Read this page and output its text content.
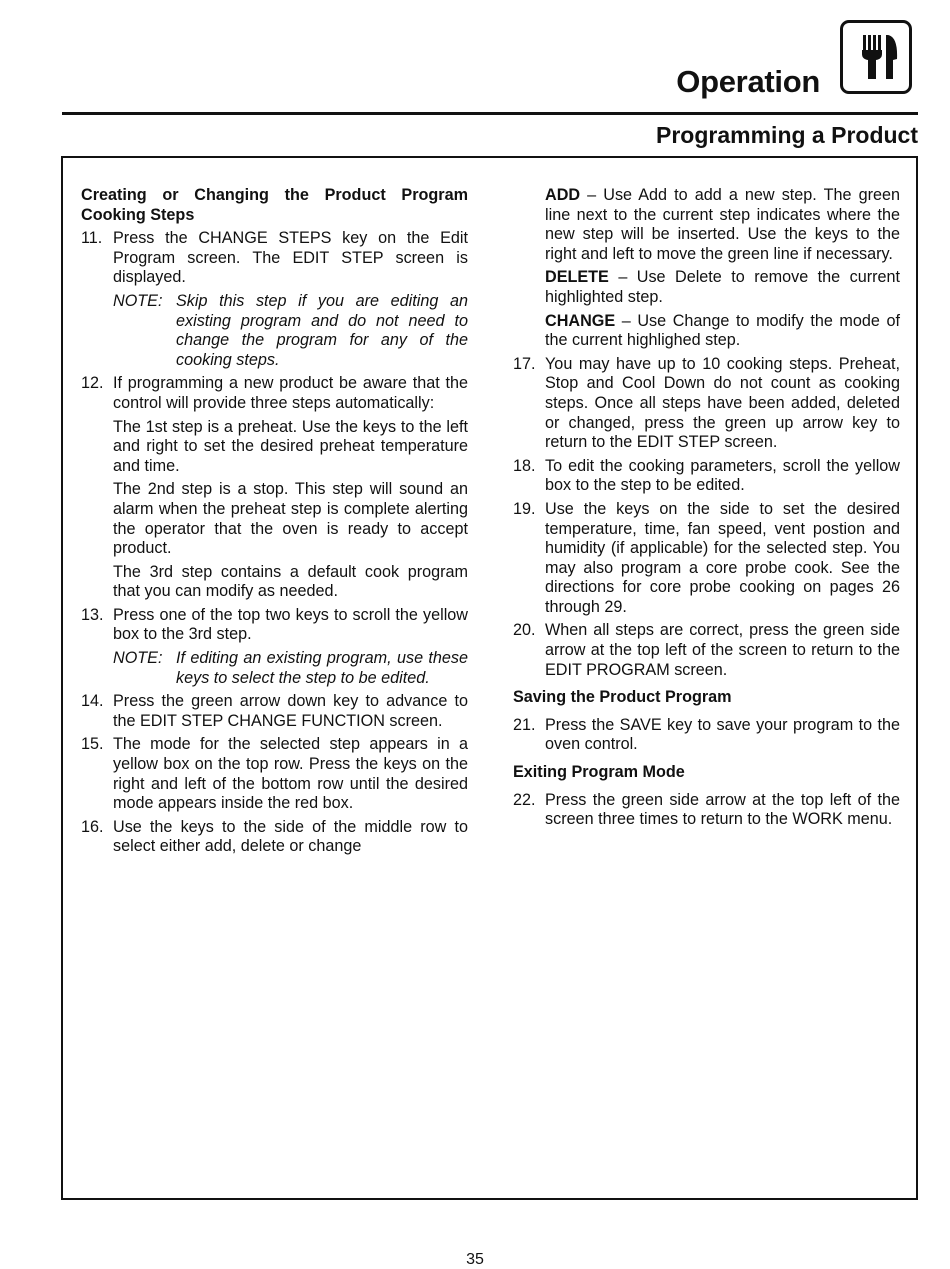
Operation
Programming a Product
Creating or Changing the Product Program Cooking Steps
11. Press the CHANGE STEPS key on the Edit Program screen. The EDIT STEP screen is displayed.
NOTE: Skip this step if you are editing an existing program and do not need to change the program for any of the cooking steps.
12. If programming a new product be aware that the control will provide three steps automatically:
The 1st step is a preheat. Use the keys to the left and right to set the desired preheat temperature and time.
The 2nd step is a stop. This step will sound an alarm when the preheat step is complete alerting the operator that the oven is ready to accept product.
The 3rd step contains a default cook program that you can modify as needed.
13. Press one of the top two keys to scroll the yellow box to the 3rd step.
NOTE: If editing an existing program, use these keys to select the step to be edited.
14. Press the green arrow down key to advance to the EDIT STEP CHANGE FUNCTION screen.
15. The mode for the selected step appears in a yellow box on the top row. Press the keys on the right and left of the bottom row until the desired mode appears inside the red box.
16. Use the keys to the side of the middle row to select either add, delete or change
ADD – Use Add to add a new step. The green line next to the current step indicates where the new step will be inserted. Use the keys to the right and left to move the green line if necessary.
DELETE – Use Delete to remove the current highlighted step.
CHANGE – Use Change to modify the mode of the current highlighed step.
17. You may have up to 10 cooking steps. Preheat, Stop and Cool Down do not count as cooking steps. Once all steps have been added, deleted or changed, press the green up arrow key to return to the EDIT STEP screen.
18. To edit the cooking parameters, scroll the yellow box to the step to be edited.
19. Use the keys on the side to set the desired temperature, time, fan speed, vent postion and humidity (if applicable) for the selected step. You may also program a core probe cook. See the directions for core probe cooking on pages 26 through 29.
20. When all steps are correct, press the green side arrow at the top left of the screen to return to the EDIT PROGRAM screen.
Saving the Product Program
21. Press the SAVE key to save your program to the oven control.
Exiting Program Mode
22. Press the green side arrow at the top left of the screen three times to return to the WORK menu.
35
